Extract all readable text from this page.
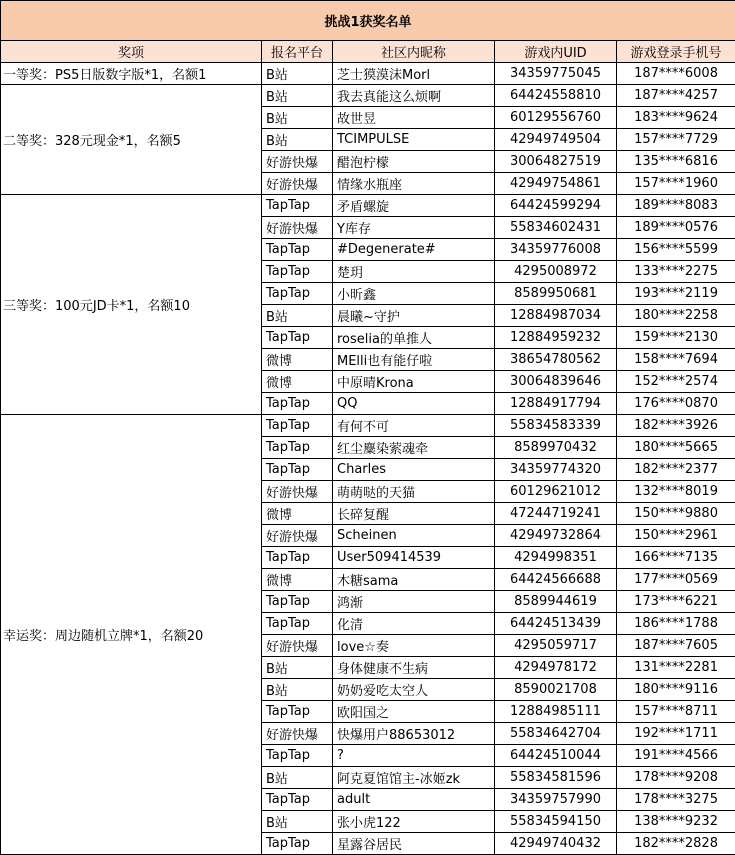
挑战1获奖名单				
奖项	报名平台	社区内昵称	游戏内UID	游戏登录手机号
一等奖：PS5日版数字版*1，名额1	B站	芝士獏漠沫Morl	34359775045	187****6008
二等奖：328元现金*1，名额5	B站	我去真能这么烦啊	64424558810	187****4257
	B站	故世昱	60129556760	183****9624
	B站	TCIMPULSE	42949749504	157****7729
	好游快爆	醋泡柠檬	30064827519	135****6816
	好游快爆	情缘水瓶座	42949754861	157****1960
三等奖：100元JD卡*1，名额10	TapTap	矛盾螺旋	64424599294	189****8083
	好游快爆	Y库存	55834602431	189****0576
	TapTap	#Degenerate#	34359776008	156****5599
	TapTap	楚玥	4295008972	133****2275
	TapTap	小昕鑫	8589950681	193****2119
	B站	晨曦~守护	12884987034	180****2258
	TapTap	roselia的单推人	12884959232	159****2130
	微博	MElli也有能仔啦	38654780562	158****7694
	微博	中原晴Krona	30064839646	152****2574
	TapTap	QQ	12884917794	176****0870
幸运奖：周边随机立牌*1，名额20	TapTap	有何不可	55834583339	182****3926
	TapTap	红尘麋染萦魂牵	8589970432	180****5665
	TapTap	Charles	34359774320	182****2377
	好游快爆	萌萌哒的天猫	60129621012	132****8019
	微博	长碎复醒	47244719241	150****9880
	好游快爆	Scheinen	42949732864	150****2961
	TapTap	User509414539	4294998351	166****7135
	微博	木糖sama	64424566688	177****0569
	TapTap	鸿渐	8589944619	173****6221
	TapTap	化清	64424513439	186****1788
	好游快爆	love☆奏	4295059717	187****7605
	B站	身体健康不生病	4294978172	131****2281
	B站	奶奶爱吃太空人	8590021708	180****9116
	TapTap	欧阳国之	12884985111	157****8711
	好游快爆	快爆用户88653012	55834642704	192****1711
	TapTap	?	64424510044	191****4566
	B站	阿克夏馆馆主-冰姬zk	55834581596	178****9208
	TapTap	adult	34359757990	178****3275
	B站	张小虎122	55834594150	138****9232
	TapTap	星露谷居民	42949740432	182****2828
